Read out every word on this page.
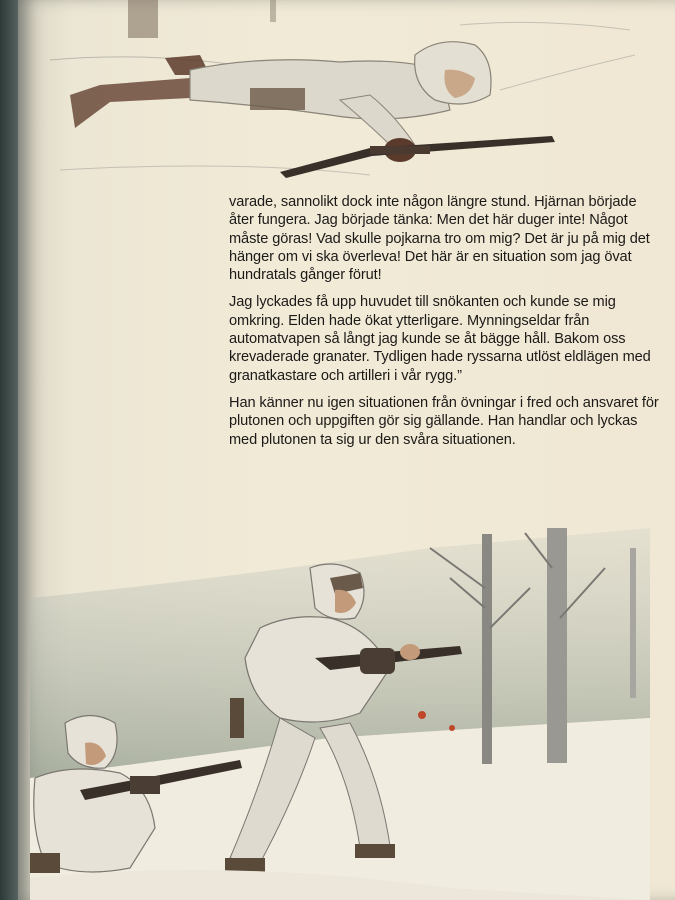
varade, sannolikt dock inte någon längre stund. Hjärnan började åter fungera. Jag började tänka: Men det här duger inte! Något måste göras! Vad skulle pojkarna tro om mig? Det är ju på mig det hänger om vi ska överleva! Det här är en situation som jag övat hundratals gånger förut!

Jag lyckades få upp huvudet till snökanten och kunde se mig omkring. Elden hade ökat ytterligare. Mynningseldar från automatvapen så långt jag kunde se åt bägge håll. Bakom oss krevaderade granater. Tydligen hade ryssarna utlöst eldlägen med granatkastare och artilleri i vår rygg.”

Han känner nu igen situationen från övningar i fred och ansvaret för plutonen och uppgiften gör sig gällande. Han handlar och lyckas med plutonen ta sig ur den svåra situationen.
